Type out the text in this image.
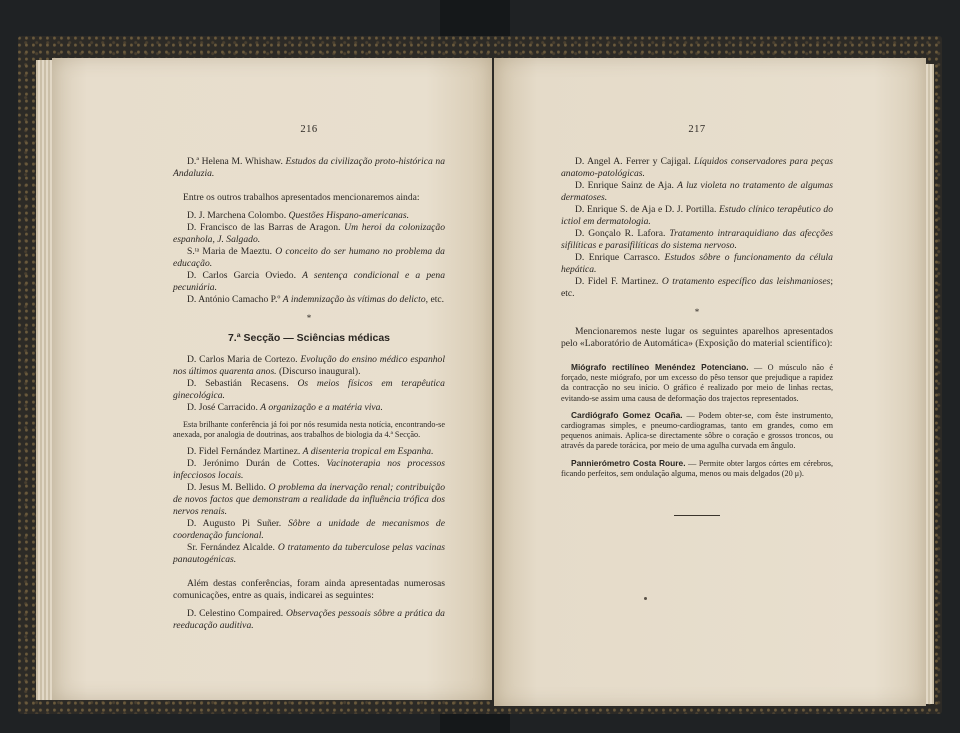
216

D.ª Helena M. Whishaw. Estudos da civilização proto-histórica na Andaluzia.

Entre os outros trabalhos apresentados mencionaremos ainda:

D. J. Marchena Colombo. Questões Hispano-americanas.

D. Francisco de las Barras de Aragon. Um heroi da colonização espanhola, J. Salgado.

S.ᵗᵃ Maria de Maeztu. O conceito do ser humano no problema da educação.

D. Carlos Garcia Oviedo. A sentença condicional e a pena pecuniária.

D. António Camacho P.º A indemnização às vítimas do delicto, etc.

*
7.ª Secção — Sciências médicas

D. Carlos Maria de Cortezo. Evolução do ensino médico espanhol nos últimos quarenta anos. (Discurso inaugural).

D. Sebastián Recasens. Os meios físicos em terapêutica ginecológica.

D. José Carracido. A organização e a matéria viva.

Esta brilhante conferência já foi por nós resumida nesta notícia, encontrando-se anexada, por analogia de doutrinas, aos trabalhos de biologia da 4.ª Secção.

D. Fidel Fernández Martinez. A disenteria tropical em Espanha.

D. Jerónimo Durán de Cottes. Vacinoterapia nos processos infecciosos locais.

D. Jesus M. Bellido. O problema da inervação renal; contribuição de novos factos que demonstram a realidade da influência trófica dos nervos renais.

D. Augusto Pi Suñer. Sôbre a unidade de mecanismos de coordenação funcional.

Sr. Fernández Alcalde. O tratamento da tuberculose pelas vacinas panautogénicas.

Além destas conferências, foram ainda apresentadas numerosas comunicações, entre as quais, indicarei as seguintes:

D. Celestino Compaired. Observações pessoais sôbre a prática da reeducação auditiva.

217

D. Angel A. Ferrer y Cajigal. Líquidos conservadores para peças anatomo-patológicas.

D. Enrique Sainz de Aja. A luz violeta no tratamento de algumas dermatoses.

D. Enrique S. de Aja e D. J. Portilla. Estudo clínico terapêutico do ictiol em dermatologia.

D. Gonçalo R. Lafora. Tratamento intraraquidiano das afecções sifilíticas e parasifilíticas do sistema nervoso.

D. Enrique Carrasco. Estudos sôbre o funcionamento da célula hepática.

D. Fidel F. Martinez. O tratamento específico das leishmanioses; etc.

*

Mencionaremos neste lugar os seguintes aparelhos apresentados pelo «Laboratório de Automática» (Exposição do material scientífico):

Miógrafo rectilíneo Menéndez Potenciano. — O músculo não é forçado, neste miógrafo, por um excesso do pêso tensor que prejudique a rapidez da contracção no seu início. O gráfico é realizado por meio de linhas rectas, evitando-se assim uma causa de deformação dos trajectos representados.

Cardiógrafo Gomez Ocaña. — Podem obter-se, com êste instrumento, cardiogramas simples, e pneumo-cardiogramas, tanto em grandes, como em pequenos animais. Aplica-se directamente sôbre o coração e grossos troncos, ou através da parede torácica, por meio de uma agulha curvada em ângulo.

Pannierómetro Costa Roure. — Permite obter largos córtes em cérebros, ficando perfeitos, sem ondulação alguma, menos ou mais delgados (20 μ).
